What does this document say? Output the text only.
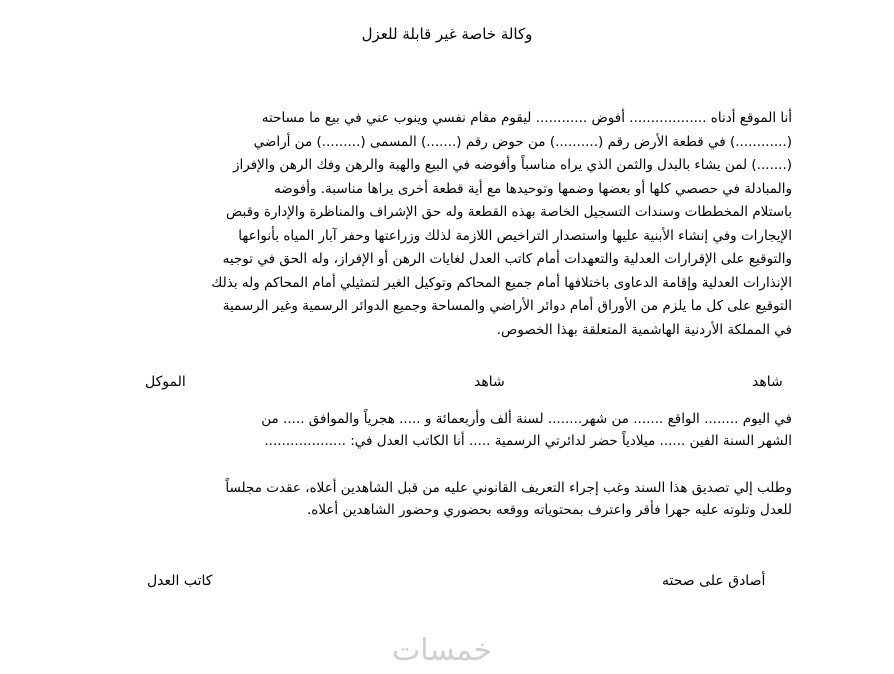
وكالة خاصة غير قابلة للعزل
أنا الموقع أدناه .................. أفوض ............ ليقوم مقام نفسي وينوب عني في بيع ما مساحته
(............) في قطعة الأرض رقم (..........) من حوض رقم (.......) المسمى (.........) من أراضي
(.......) لمن يشاء بالبدل والثمن الذي يراه مناسباً وأفوضه في البيع والهبة والرهن وفك الرهن والإفراز
والمبادلة في حصصي كلها أو بعضها وضمها وتوحيدها مع أية قطعة أخرى يراها مناسبة. وأفوضه
باستلام المخططات وسندات التسجيل الخاصة بهذه القطعة وله حق الإشراف والمناظرة والإدارة وقبض
الإيجارات وفي إنشاء الأبنية عليها واستصدار التراخيص اللازمة لذلك وزراعتها وحفر آبار المياه بأنواعها
والتوقيع على الإقرارات العدلية والتعهدات أمام كاتب العدل لغايات الرهن أو الإفراز، وله الحق في توجيه
الإنذارات العدلية وإقامة الدعاوى باختلافها أمام جميع المحاكم وتوكيل الغير لتمثيلي أمام المحاكم وله بذلك
التوقيع على كل ما يلزم من الأوراق أمام دوائر الأراضي والمساحة وجميع الدوائر الرسمية وغير الرسمية
في المملكة الأردنية الهاشمية المتعلقة بهذا الخصوص.
شاهد
شاهد
الموكل
في اليوم ........ الواقع ....... من شهر........ لسنة ألف وأربعمائة و ..... هجرياً والموافق ..... من
الشهر السنة الفين ...... ميلادياً حضر لدائرتي الرسمية ..... أنا الكاتب العدل في: ...................
وطلب إلي تصديق هذا السند وغب إجراء التعريف القانوني عليه من قبل الشاهدين أعلاه، عقدت مجلساً
للعدل وتلوته عليه جهرا فأقر واعترف بمحتوياته ووقعه بحضوري وحضور الشاهدين أعلاه.
أصادق على صحته
كاتب العدل
خمسات
